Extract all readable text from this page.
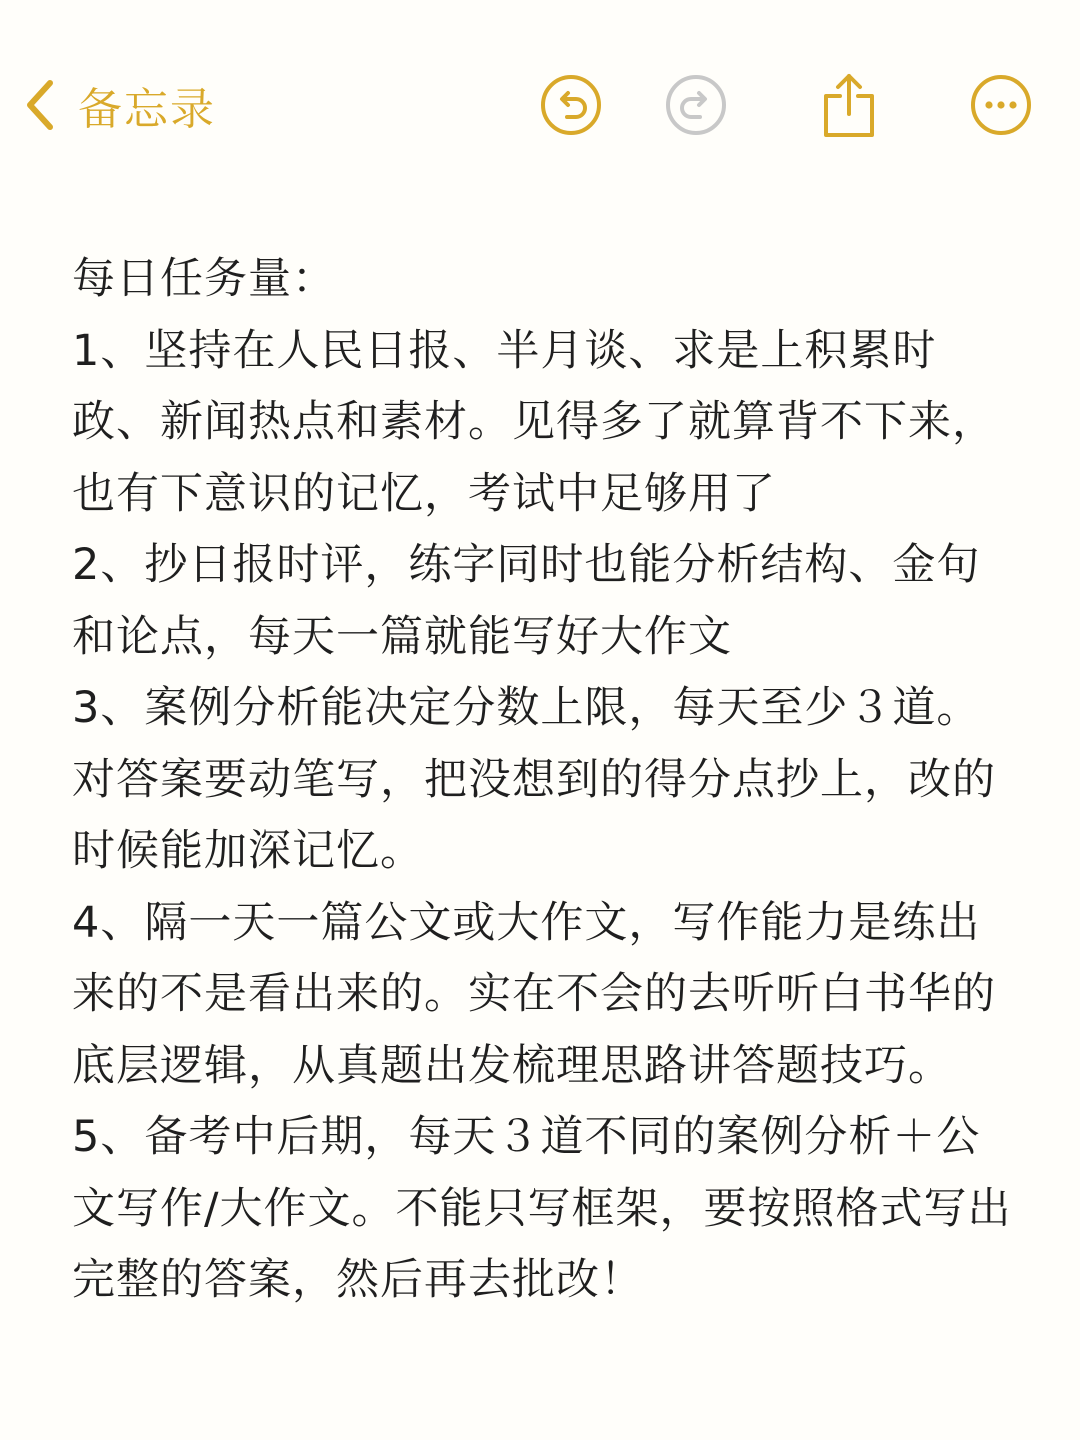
备忘录

每日任务量：

1、坚持在人民日报、半月谈、求是上积累时政、新闻热点和素材。见得多了就算背不下来，也有下意识的记忆，考试中足够用了

2、抄日报时评，练字同时也能分析结构、金句和论点，每天一篇就能写好大作文

3、案例分析能决定分数上限，每天至少３道。对答案要动笔写，把没想到的得分点抄上，改的时候能加深记忆。

4、隔一天一篇公文或大作文，写作能力是练出来的不是看出来的。实在不会的去听听白书华的底层逻辑，从真题出发梳理思路讲答题技巧。

5、备考中后期，每天３道不同的案例分析＋公文写作/大作文。不能只写框架，要按照格式写出完整的答案，然后再去批改！
